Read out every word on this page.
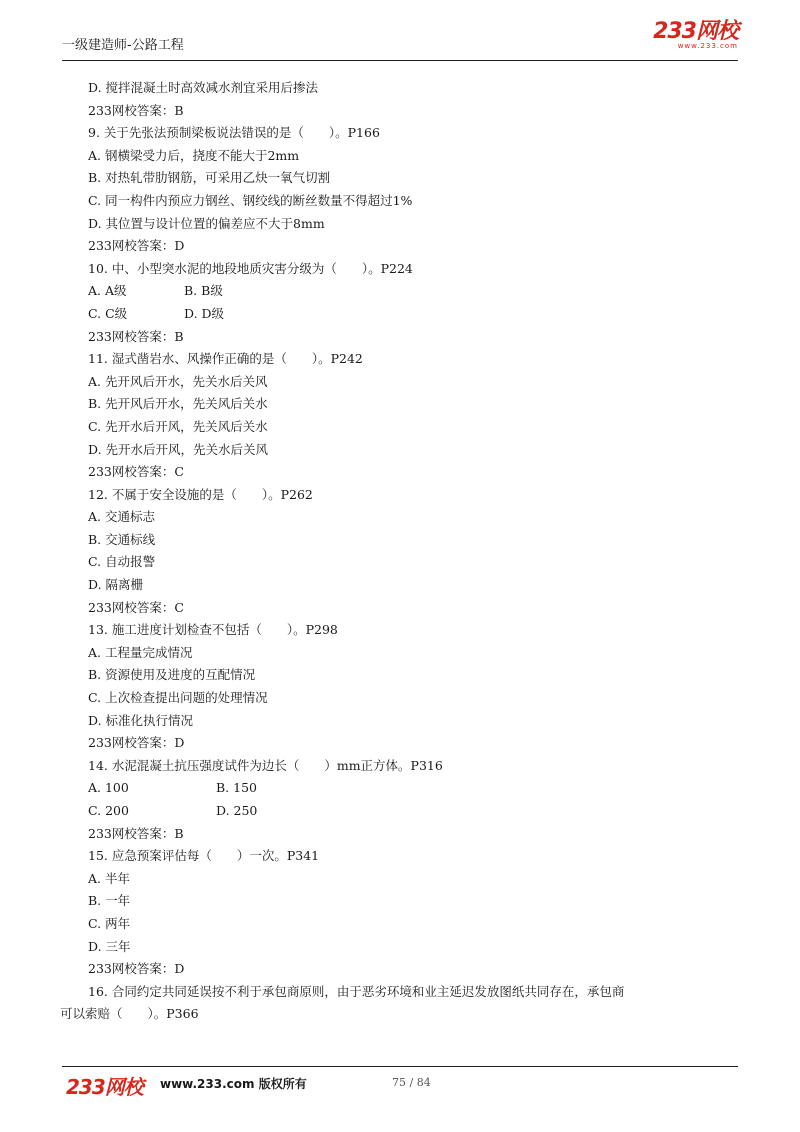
一级建造师-公路工程
233网校
www.233.com
D. 搅拌混凝土时高效减水剂宜采用后掺法
233网校答案：B
9. 关于先张法预制梁板说法错误的是（　　）。P166
A. 钢横梁受力后，挠度不能大于2mm
B. 对热轧带肋钢筋，可采用乙炔一氧气切割
C. 同一构件内预应力钢丝、钢绞线的断丝数量不得超过1%
D. 其位置与设计位置的偏差应不大于8mm
233网校答案：D
10. 中、小型突水泥的地段地质灾害分级为（　　）。P224
A. A级	B. B级
C. C级	D. D级
233网校答案：B
11. 湿式凿岩水、风操作正确的是（　　）。P242
A. 先开风后开水，先关水后关风
B. 先开风后开水，先关风后关水
C. 先开水后开风，先关风后关水
D. 先开水后开风，先关水后关风
233网校答案：C
12. 不属于安全设施的是（　　）。P262
A. 交通标志
B. 交通标线
C. 自动报警
D. 隔离栅
233网校答案：C
13. 施工进度计划检查不包括（　　）。P298
A. 工程量完成情况
B. 资源使用及进度的互配情况
C. 上次检查提出问题的处理情况
D. 标准化执行情况
233网校答案：D
14. 水泥混凝土抗压强度试件为边长（　　）mm正方体。P316
A. 100	B. 150
C. 200	D. 250
233网校答案：B
15. 应急预案评估每（　　）一次。P341
A. 半年
B. 一年
C. 两年
D. 三年
233网校答案：D
16. 合同约定共同延误按不利于承包商原则，由于恶劣环境和业主延迟发放图纸共同存在，承包商
可以索赔（　　）。P366
233网校 www.233.com 版权所有	75 / 84
